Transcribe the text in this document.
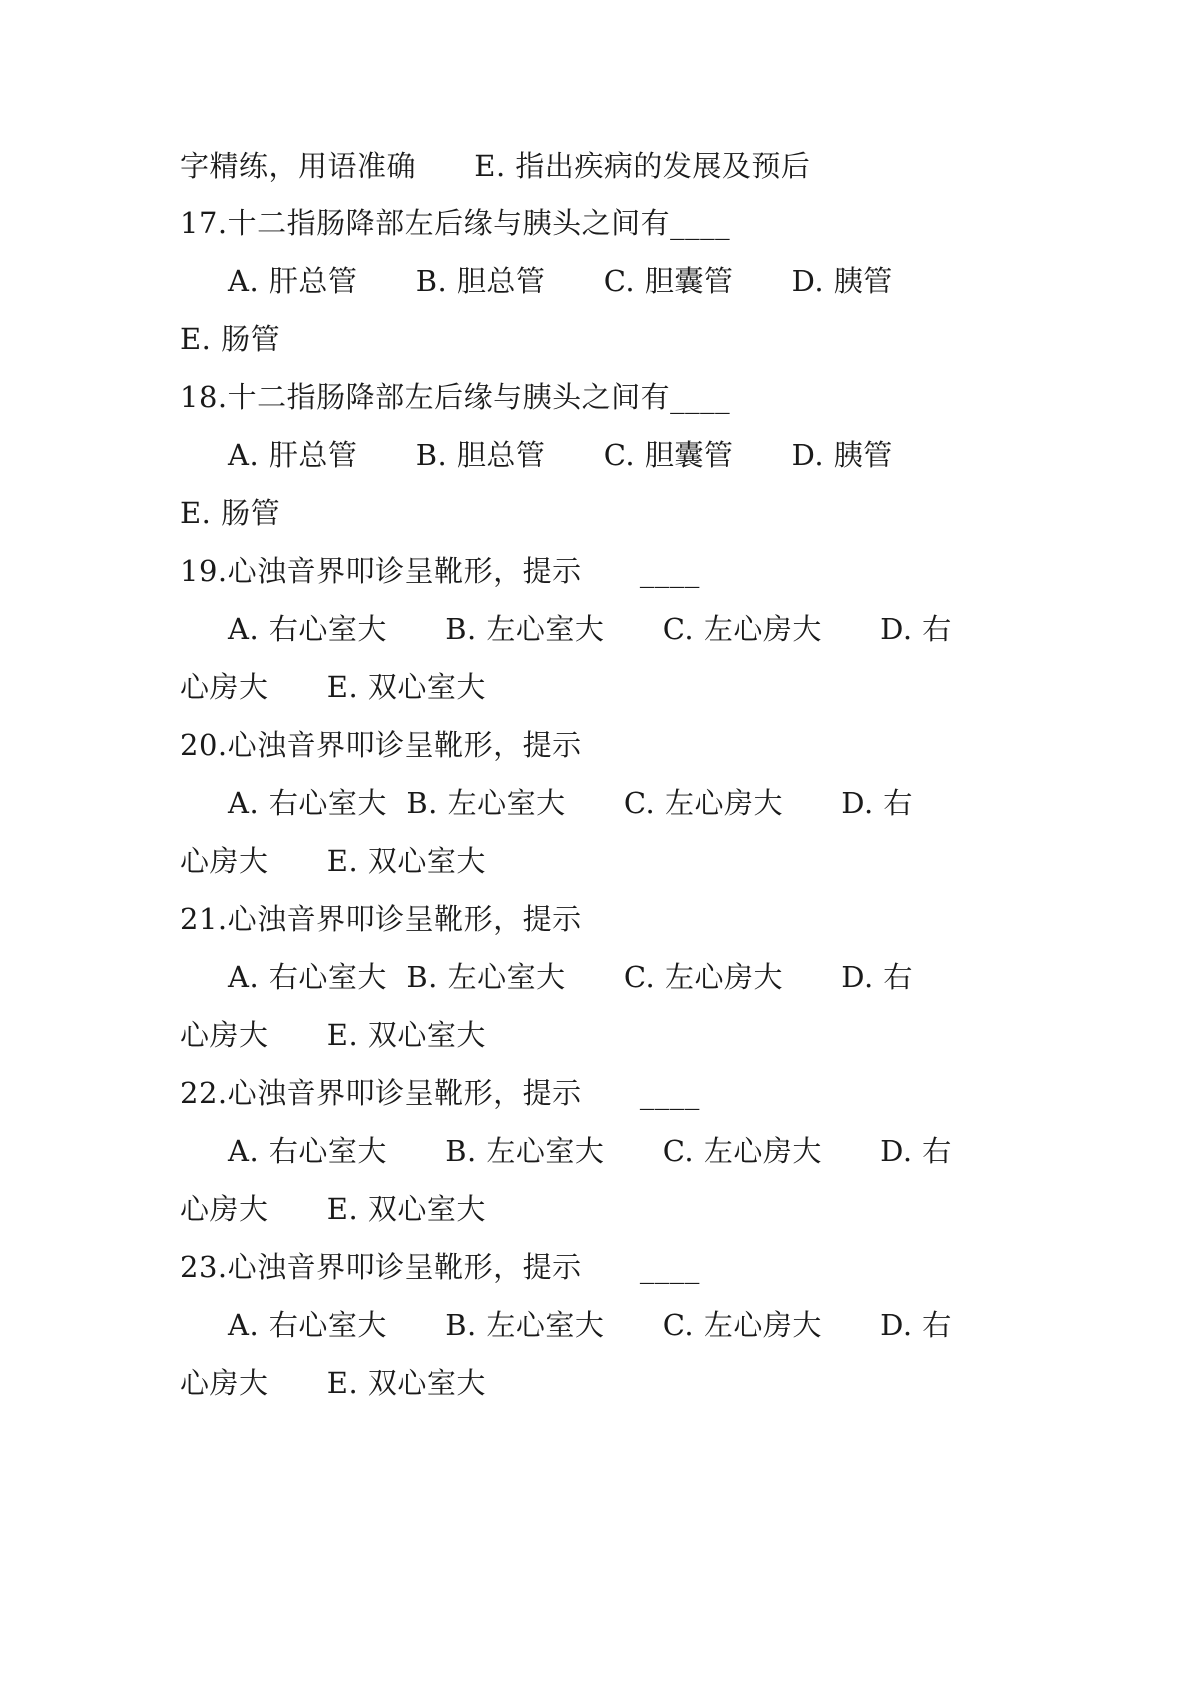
字精练，用语准确      E. 指出疾病的发展及预后
17.十二指肠降部左后缘与胰头之间有____
A. 肝总管      B. 胆总管      C. 胆囊管      D. 胰管
E. 肠管
18.十二指肠降部左后缘与胰头之间有____
A. 肝总管      B. 胆总管      C. 胆囊管      D. 胰管
E. 肠管
19.心浊音界叩诊呈靴形，提示      ____
A. 右心室大      B. 左心室大      C. 左心房大      D. 右
心房大      E. 双心室大
20.心浊音界叩诊呈靴形，提示
A. 右心室大  B. 左心室大      C. 左心房大      D. 右
心房大      E. 双心室大
21.心浊音界叩诊呈靴形，提示
A. 右心室大  B. 左心室大      C. 左心房大      D. 右
心房大      E. 双心室大
22.心浊音界叩诊呈靴形，提示      ____
A. 右心室大      B. 左心室大      C. 左心房大      D. 右
心房大      E. 双心室大
23.心浊音界叩诊呈靴形，提示      ____
A. 右心室大      B. 左心室大      C. 左心房大      D. 右
心房大      E. 双心室大
